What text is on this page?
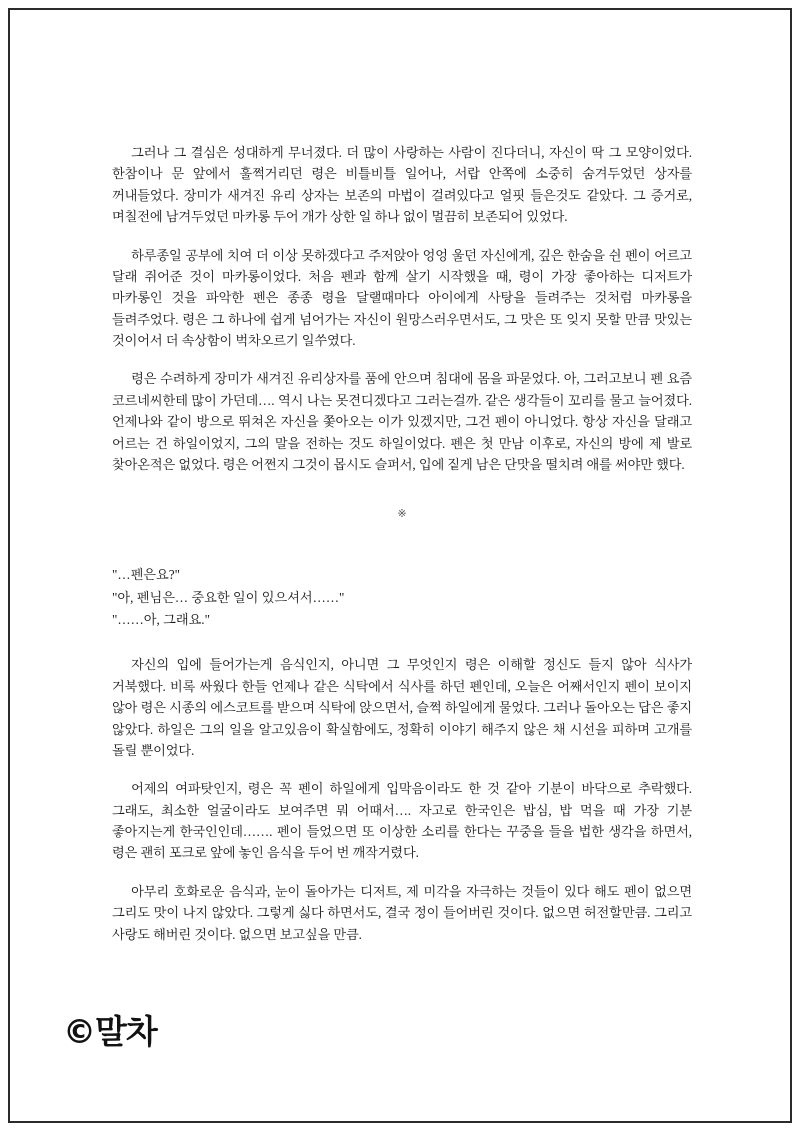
그러나 그 결심은 성대하게 무너졌다. 더 많이 사랑하는 사람이 진다더니, 자신이 딱 그 모양이었다. 한참이나 문 앞에서 훌쩍거리던 령은 비틀비틀 일어나, 서랍 안쪽에 소중히 숨겨두었던 상자를 꺼내들었다. 장미가 새겨진 유리 상자는 보존의 마법이 걸려있다고 얼핏 들은것도 같았다. 그 증거로, 며칠전에 남겨두었던 마카롱 두어 개가 상한 일 하나 없이 멀끔히 보존되어 있었다.

하루종일 공부에 치여 더 이상 못하겠다고 주저앉아 엉엉 울던 자신에게, 깊은 한숨을 쉰 펜이 어르고 달래 쥐어준 것이 마카롱이었다. 처음 펜과 함께 살기 시작했을 때, 령이 가장 좋아하는 디저트가 마카롱인 것을 파악한 펜은 종종 령을 달랠때마다 아이에게 사탕을 들려주는 것처럼 마카롱을 들려주었다. 령은 그 하나에 쉽게 넘어가는 자신이 원망스러우면서도, 그 맛은 또 잊지 못할 만큼 맛있는 것이어서 더 속상함이 벅차오르기 일쑤였다.

령은 수려하게 장미가 새겨진 유리상자를 품에 안으며 침대에 몸을 파묻었다. 아, 그러고보니 펜 요즘 코르네씨한테 많이 가던데…. 역시 나는 못견디겠다고 그러는걸까. 같은 생각들이 꼬리를 물고 늘어졌다. 언제나와 같이 방으로 뛰쳐온 자신을 쫓아오는 이가 있겠지만, 그건 펜이 아니었다. 항상 자신을 달래고 어르는 건 하일이었지, 그의 말을 전하는 것도 하일이었다. 펜은 첫 만남 이후로, 자신의 방에 제 발로 찾아온적은 없었다. 령은 어쩐지 그것이 몹시도 슬퍼서, 입에 짙게 남은 단맛을 떨치려 애를 써야만 했다.

※

"…펜은요?"

"아, 펜님은… 중요한 일이 있으셔서……"

"……아, 그래요."

자신의 입에 들어가는게 음식인지, 아니면 그 무엇인지 령은 이해할 정신도 들지 않아 식사가 거북했다. 비록 싸웠다 한들 언제나 같은 식탁에서 식사를 하던 펜인데, 오늘은 어째서인지 펜이 보이지 않아 령은 시종의 에스코트를 받으며 식탁에 앉으면서, 슬쩍 하일에게 물었다. 그러나 돌아오는 답은 좋지 않았다. 하일은 그의 일을 알고있음이 확실함에도, 정확히 이야기 해주지 않은 채 시선을 피하며 고개를 돌릴 뿐이었다.

어제의 여파탓인지, 령은 꼭 펜이 하일에게 입막음이라도 한 것 같아 기분이 바닥으로 추락했다. 그래도, 최소한 얼굴이라도 보여주면 뭐 어때서…. 자고로 한국인은 밥심, 밥 먹을 때 가장 기분 좋아지는게 한국인인데……. 펜이 들었으면 또 이상한 소리를 한다는 꾸중을 들을 법한 생각을 하면서, 령은 괜히 포크로 앞에 놓인 음식을 두어 번 깨작거렸다.

아무리 호화로운 음식과, 눈이 돌아가는 디저트, 제 미각을 자극하는 것들이 있다 해도 펜이 없으면 그리도 맛이 나지 않았다. 그렇게 싫다 하면서도, 결국 정이 들어버린 것이다. 없으면 허전할만큼. 그리고 사랑도 해버린 것이다. 없으면 보고싶을 만큼.

©말차
